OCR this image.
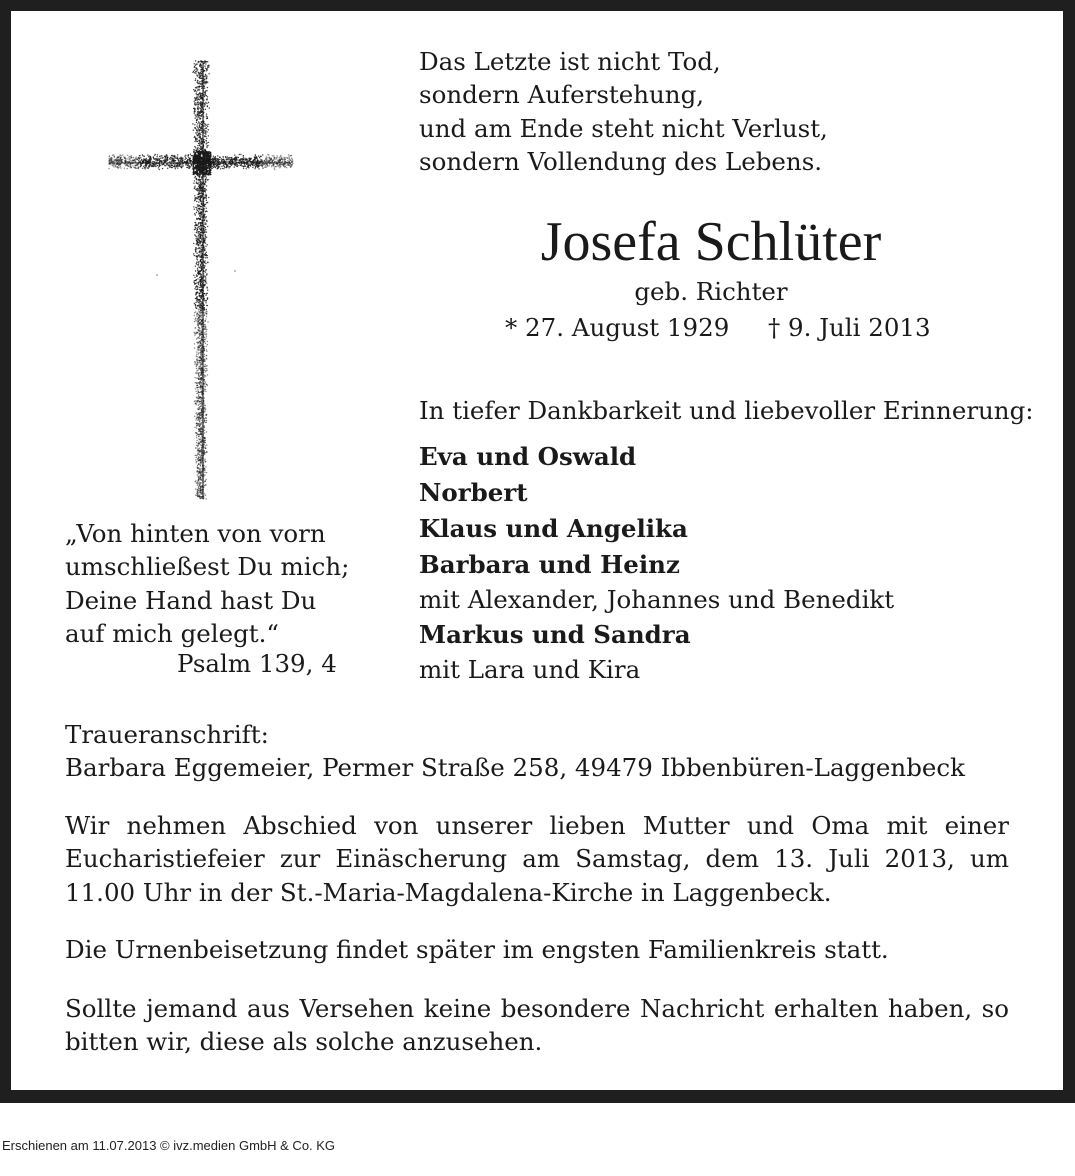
Das Letzte ist nicht Tod,
sondern Auferstehung,
und am Ende steht nicht Verlust,
sondern Vollendung des Lebens.
Josefa Schlüter
geb. Richter
* 27. August 1929 † 9. Juli 2013
In tiefer Dankbarkeit und liebevoller Erinnerung:
Eva und Oswald
Norbert
Klaus und Angelika
Barbara und Heinz
mit Alexander, Johannes und Benedikt
Markus und Sandra
mit Lara und Kira
„Von hinten von vorn
umschließest Du mich;
Deine Hand hast Du
auf mich gelegt.“
Psalm 139, 4
Traueranschrift:
Barbara Eggemeier, Permer Straße 258, 49479 Ibbenbüren-Laggenbeck
Wir nehmen Abschied von unserer lieben Mutter und Oma mit einer Eucharistiefeier zur Einäscherung am Samstag, dem 13. Juli 2013, um 11.00 Uhr in der St.-Maria-Magdalena-Kirche in Laggenbeck.
Die Urnenbeisetzung findet später im engsten Familienkreis statt.
Sollte jemand aus Versehen keine besondere Nachricht erhalten haben, so bitten wir, diese als solche anzusehen.
Erschienen am 11.07.2013 © ivz.medien GmbH & Co. KG
